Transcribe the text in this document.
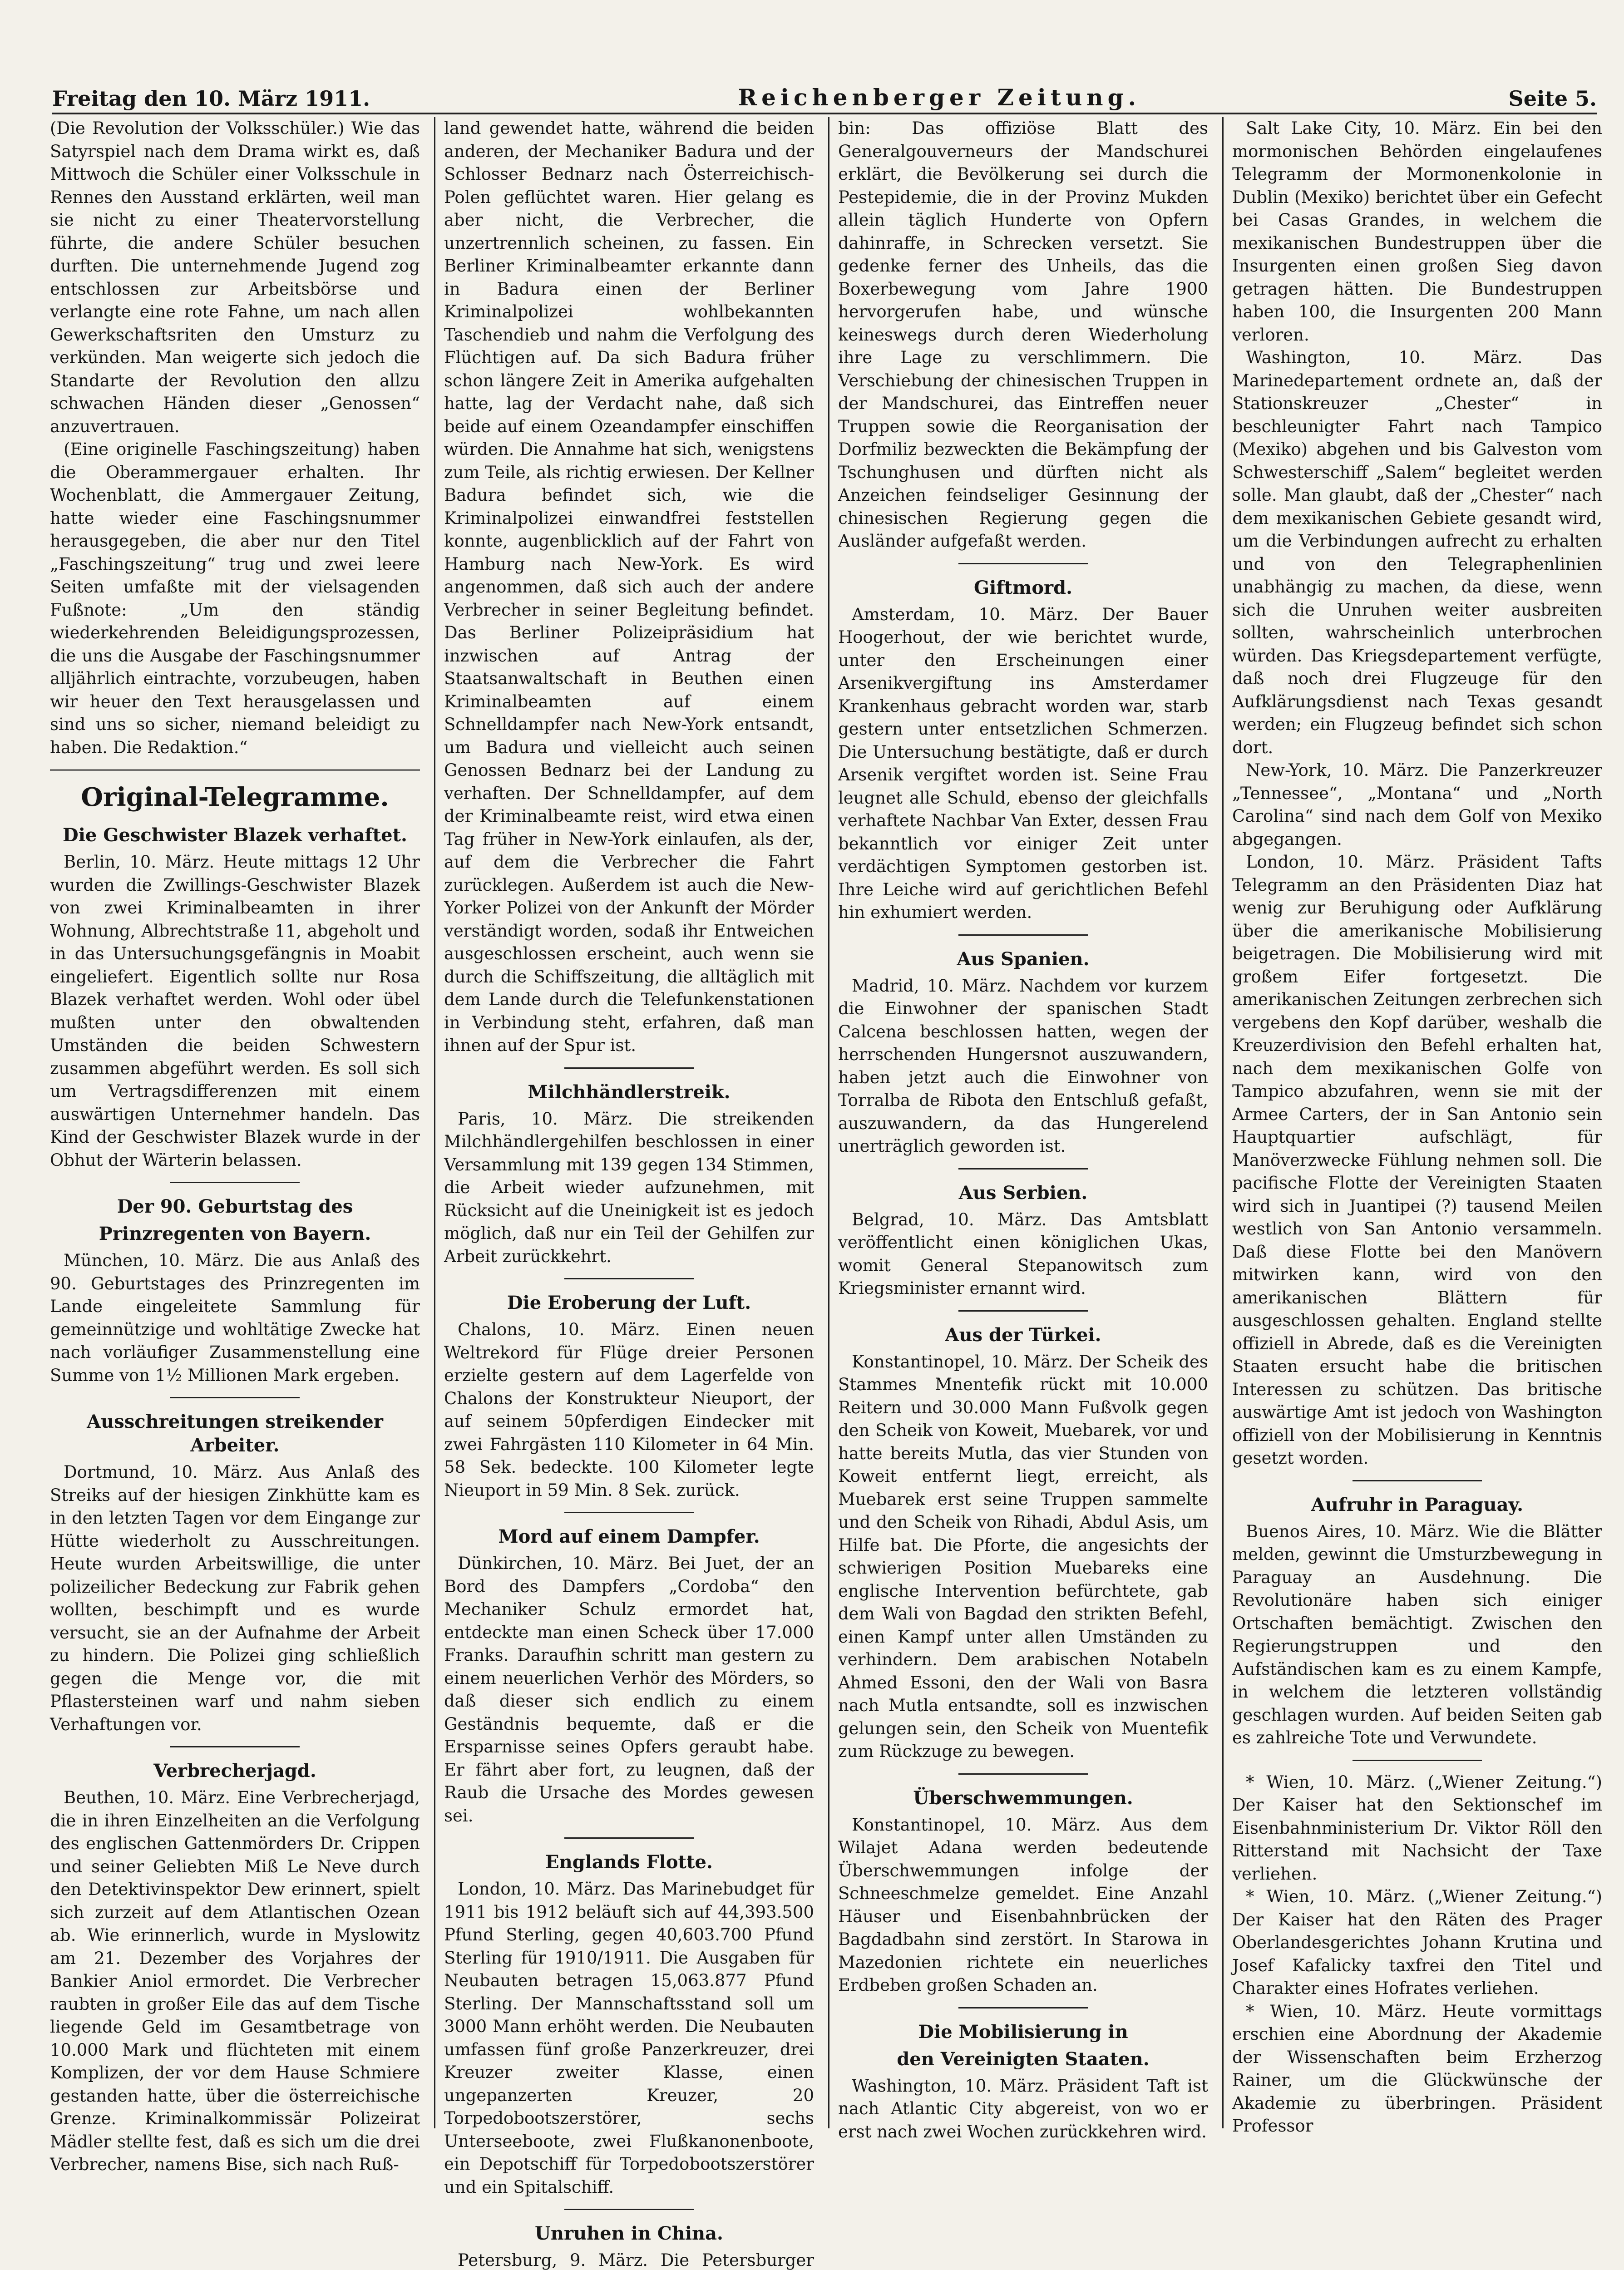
Freitag den 10. März 1911.	Reichenberger Zeitung.	Seite 5.

(Die Revolution der Volksschüler.) Wie das Satyrspiel nach dem Drama wirkt es, daß Mittwoch die Schüler einer Volksschule in Rennes den Ausstand erklärten, weil man sie nicht zu einer Theatervorstellung führte, die andere Schüler besuchen durften. Die unternehmende Jugend zog entschlossen zur Arbeitsbörse und verlangte eine rote Fahne, um nach allen Gewerkschaftsriten den Umsturz zu verkünden. Man weigerte sich jedoch die Standarte der Revolution den allzu schwachen Händen dieser „Genossen“ anzuvertrauen.

(Eine originelle Faschingszeitung) haben die Oberammergauer erhalten. Ihr Wochenblatt, die Ammergauer Zeitung, hatte wieder eine Faschingsnummer herausgegeben, die aber nur den Titel „Faschingszeitung“ trug und zwei leere Seiten umfaßte mit der vielsagenden Fußnote: „Um den ständig wiederkehrenden Beleidigungsprozessen, die uns die Ausgabe der Faschingsnummer alljährlich eintrachte, vorzubeugen, haben wir heuer den Text herausgelassen und sind uns so sicher, niemand beleidigt zu haben. Die Redaktion.“

Original-Telegramme.
Die Geschwister Blazek verhaftet.

Berlin, 10. März. Heute mittags 12 Uhr wurden die Zwillings-Geschwister Blazek von zwei Kriminalbeamten in ihrer Wohnung, Albrechtstraße 11, abgeholt und in das Untersuchungsgefängnis in Moabit eingeliefert. Eigentlich sollte nur Rosa Blazek verhaftet werden. Wohl oder übel mußten unter den obwaltenden Umständen die beiden Schwestern zusammen abgeführt werden. Es soll sich um Vertragsdifferenzen mit einem auswärtigen Unternehmer handeln. Das Kind der Geschwister Blazek wurde in der Obhut der Wärterin belassen.

Der 90. Geburtstag des
Prinzregenten von Bayern.

München, 10. März. Die aus Anlaß des 90. Geburtstages des Prinzregenten im Lande eingeleitete Sammlung für gemeinnützige und wohltätige Zwecke hat nach vorläufiger Zusammenstellung eine Summe von 1½ Millionen Mark ergeben.

Ausschreitungen streikender Arbeiter.

Dortmund, 10. März. Aus Anlaß des Streiks auf der hiesigen Zinkhütte kam es in den letzten Tagen vor dem Eingange zur Hütte wiederholt zu Ausschreitungen. Heute wurden Arbeitswillige, die unter polizeilicher Bedeckung zur Fabrik gehen wollten, beschimpft und es wurde versucht, sie an der Aufnahme der Arbeit zu hindern. Die Polizei ging schließlich gegen die Menge vor, die mit Pflastersteinen warf und nahm sieben Verhaftungen vor.

Verbrecherjagd.

Beuthen, 10. März. Eine Verbrecherjagd, die in ihren Einzelheiten an die Verfolgung des englischen Gattenmörders Dr. Crippen und seiner Geliebten Miß Le Neve durch den Detektivinspektor Dew erinnert, spielt sich zurzeit auf dem Atlantischen Ozean ab. Wie erinnerlich, wurde in Myslowitz am 21. Dezember des Vorjahres der Bankier Aniol ermordet. Die Verbrecher raubten in großer Eile das auf dem Tische liegende Geld im Gesamtbetrage von 10.000 Mark und flüchteten mit einem Komplizen, der vor dem Hause Schmiere gestanden hatte, über die österreichische Grenze. Kriminalkommissär Polizeirat Mädler stellte fest, daß es sich um die drei Verbrecher, namens Bise, sich nach Ruß-

land gewendet hatte, während die beiden anderen, der Mechaniker Badura und der Schlosser Bednarz nach Österreichisch-Polen geflüchtet waren. Hier gelang es aber nicht, die Verbrecher, die unzertrennlich scheinen, zu fassen. Ein Berliner Kriminalbeamter erkannte dann in Badura einen der Berliner Kriminalpolizei wohlbekannten Taschendieb und nahm die Verfolgung des Flüchtigen auf. Da sich Badura früher schon längere Zeit in Amerika aufgehalten hatte, lag der Verdacht nahe, daß sich beide auf einem Ozeandampfer einschiffen würden. Die Annahme hat sich, wenigstens zum Teile, als richtig erwiesen. Der Kellner Badura befindet sich, wie die Kriminalpolizei einwandfrei feststellen konnte, augenblicklich auf der Fahrt von Hamburg nach New-York. Es wird angenommen, daß sich auch der andere Verbrecher in seiner Begleitung befindet. Das Berliner Polizeipräsidium hat inzwischen auf Antrag der Staatsanwaltschaft in Beuthen einen Kriminalbeamten auf einem Schnelldampfer nach New-York entsandt, um Badura und vielleicht auch seinen Genossen Bednarz bei der Landung zu verhaften. Der Schnelldampfer, auf dem der Kriminalbeamte reist, wird etwa einen Tag früher in New-York einlaufen, als der, auf dem die Verbrecher die Fahrt zurücklegen. Außerdem ist auch die New-Yorker Polizei von der Ankunft der Mörder verständigt worden, sodaß ihr Entweichen ausgeschlossen erscheint, auch wenn sie durch die Schiffszeitung, die alltäglich mit dem Lande durch die Telefunkenstationen in Verbindung steht, erfahren, daß man ihnen auf der Spur ist.

Milchhändlerstreik.

Paris, 10. März. Die streikenden Milchhändlergehilfen beschlossen in einer Versammlung mit 139 gegen 134 Stimmen, die Arbeit wieder aufzunehmen, mit Rücksicht auf die Uneinigkeit ist es jedoch möglich, daß nur ein Teil der Gehilfen zur Arbeit zurückkehrt.

Die Eroberung der Luft.

Chalons, 10. März. Einen neuen Weltrekord für Flüge dreier Personen erzielte gestern auf dem Lagerfelde von Chalons der Konstrukteur Nieuport, der auf seinem 50pferdigen Eindecker mit zwei Fahrgästen 110 Kilometer in 64 Min. 58 Sek. bedeckte. 100 Kilometer legte Nieuport in 59 Min. 8 Sek. zurück.

Mord auf einem Dampfer.

Dünkirchen, 10. März. Bei Juet, der an Bord des Dampfers „Cordoba“ den Mechaniker Schulz ermordet hat, entdeckte man einen Scheck über 17.000 Franks. Daraufhin schritt man gestern zu einem neuerlichen Verhör des Mörders, so daß dieser sich endlich zu einem Geständnis bequemte, daß er die Ersparnisse seines Opfers geraubt habe. Er fährt aber fort, zu leugnen, daß der Raub die Ursache des Mordes gewesen sei.

Englands Flotte.

London, 10. März. Das Marinebudget für 1911 bis 1912 beläuft sich auf 44,393.500 Pfund Sterling, gegen 40,603.700 Pfund Sterling für 1910/1911. Die Ausgaben für Neubauten betragen 15,063.877 Pfund Sterling. Der Mannschaftsstand soll um 3000 Mann erhöht werden. Die Neubauten umfassen fünf große Panzerkreuzer, drei Kreuzer zweiter Klasse, einen ungepanzerten Kreuzer, 20 Torpedobootszerstörer, sechs Unterseeboote, zwei Flußkanonenboote, ein Depotschiff für Torpedobootszerstörer und ein Spitalschiff.

Unruhen in China.

Petersburg, 9. März. Die Petersburger

bin: Das offiziöse Blatt des Generalgouverneurs der Mandschurei erklärt, die Bevölkerung sei durch die Pestepidemie, die in der Provinz Mukden allein täglich Hunderte von Opfern dahinraffe, in Schrecken versetzt. Sie gedenke ferner des Unheils, das die Boxerbewegung vom Jahre 1900 hervorgerufen habe, und wünsche keineswegs durch deren Wiederholung ihre Lage zu verschlimmern. Die Verschiebung der chinesischen Truppen in der Mandschurei, das Eintreffen neuer Truppen sowie die Reorganisation der Dorfmiliz bezweckten die Bekämpfung der Tschunghusen und dürften nicht als Anzeichen feindseliger Gesinnung der chinesischen Regierung gegen die Ausländer aufgefaßt werden.

Giftmord.

Amsterdam, 10. März. Der Bauer Hoogerhout, der wie berichtet wurde, unter den Erscheinungen einer Arsenikvergiftung ins Amsterdamer Krankenhaus gebracht worden war, starb gestern unter entsetzlichen Schmerzen. Die Untersuchung bestätigte, daß er durch Arsenik vergiftet worden ist. Seine Frau leugnet alle Schuld, ebenso der gleichfalls verhaftete Nachbar Van Exter, dessen Frau bekanntlich vor einiger Zeit unter verdächtigen Symptomen gestorben ist. Ihre Leiche wird auf gerichtlichen Befehl hin exhumiert werden.

Aus Spanien.

Madrid, 10. März. Nachdem vor kurzem die Einwohner der spanischen Stadt Calcena beschlossen hatten, wegen der herrschenden Hungersnot auszuwandern, haben jetzt auch die Einwohner von Torralba de Ribota den Entschluß gefaßt, auszuwandern, da das Hungerelend unerträglich geworden ist.

Aus Serbien.

Belgrad, 10. März. Das Amtsblatt veröffentlicht einen königlichen Ukas, womit General Stepanowitsch zum Kriegsminister ernannt wird.

Aus der Türkei.

Konstantinopel, 10. März. Der Scheik des Stammes Mnentefik rückt mit 10.000 Reitern und 30.000 Mann Fußvolk gegen den Scheik von Koweit, Muebarek, vor und hatte bereits Mutla, das vier Stunden von Koweit entfernt liegt, erreicht, als Muebarek erst seine Truppen sammelte und den Scheik von Rihadi, Abdul Asis, um Hilfe bat. Die Pforte, die angesichts der schwierigen Position Muebareks eine englische Intervention befürchtete, gab dem Wali von Bagdad den strikten Befehl, einen Kampf unter allen Umständen zu verhindern. Dem arabischen Notabeln Ahmed Essoni, den der Wali von Basra nach Mutla entsandte, soll es inzwischen gelungen sein, den Scheik von Muentefik zum Rückzuge zu bewegen.

Überschwemmungen.

Konstantinopel, 10. März. Aus dem Wilajet Adana werden bedeutende Überschwemmungen infolge der Schneeschmelze gemeldet. Eine Anzahl Häuser und Eisenbahnbrücken der Bagdadbahn sind zerstört. In Starowa in Mazedonien richtete ein neuerliches Erdbeben großen Schaden an.

Die Mobilisierung in
den Vereinigten Staaten.

Washington, 10. März. Präsident Taft ist nach Atlantic City abgereist, von wo er erst nach zwei Wochen zurückkehren wird.

Salt Lake City, 10. März. Ein bei den mormonischen Behörden eingelaufenes Telegramm der Mormonenkolonie in Dublin (Mexiko) berichtet über ein Gefecht bei Casas Grandes, in welchem die mexikanischen Bundestruppen über die Insurgenten einen großen Sieg davon getragen hätten. Die Bundestruppen haben 100, die Insurgenten 200 Mann verloren.

Washington, 10. März. Das Marinedepartement ordnete an, daß der Stationskreuzer „Chester“ in beschleunigter Fahrt nach Tampico (Mexiko) abgehen und bis Galveston vom Schwesterschiff „Salem“ begleitet werden solle. Man glaubt, daß der „Chester“ nach dem mexikanischen Gebiete gesandt wird, um die Verbindungen aufrecht zu erhalten und von den Telegraphenlinien unabhängig zu machen, da diese, wenn sich die Unruhen weiter ausbreiten sollten, wahrscheinlich unterbrochen würden. Das Kriegsdepartement verfügte, daß noch drei Flugzeuge für den Aufklärungsdienst nach Texas gesandt werden; ein Flugzeug befindet sich schon dort.

New-York, 10. März. Die Panzerkreuzer „Tennessee“, „Montana“ und „North Carolina“ sind nach dem Golf von Mexiko abgegangen.

London, 10. März. Präsident Tafts Telegramm an den Präsidenten Diaz hat wenig zur Beruhigung oder Aufklärung über die amerikanische Mobilisierung beigetragen. Die Mobilisierung wird mit großem Eifer fortgesetzt. Die amerikanischen Zeitungen zerbrechen sich vergebens den Kopf darüber, weshalb die Kreuzerdivision den Befehl erhalten hat, nach dem mexikanischen Golfe von Tampico abzufahren, wenn sie mit der Armee Carters, der in San Antonio sein Hauptquartier aufschlägt, für Manöverzwecke Fühlung nehmen soll. Die pacifische Flotte der Vereinigten Staaten wird sich in Juantipei (?) tausend Meilen westlich von San Antonio versammeln. Daß diese Flotte bei den Manövern mitwirken kann, wird von den amerikanischen Blättern für ausgeschlossen gehalten. England stellte offiziell in Abrede, daß es die Vereinigten Staaten ersucht habe die britischen Interessen zu schützen. Das britische auswärtige Amt ist jedoch von Washington offiziell von der Mobilisierung in Kenntnis gesetzt worden.

Aufruhr in Paraguay.

Buenos Aires, 10. März. Wie die Blätter melden, gewinnt die Umsturzbewegung in Paraguay an Ausdehnung. Die Revolutionäre haben sich einiger Ortschaften bemächtigt. Zwischen den Regierungstruppen und den Aufständischen kam es zu einem Kampfe, in welchem die letzteren vollständig geschlagen wurden. Auf beiden Seiten gab es zahlreiche Tote und Verwundete.

* Wien, 10. März. („Wiener Zeitung.“) Der Kaiser hat den Sektionschef im Eisenbahnministerium Dr. Viktor Röll den Ritterstand mit Nachsicht der Taxe verliehen.

* Wien, 10. März. („Wiener Zeitung.“) Der Kaiser hat den Räten des Prager Oberlandesgerichtes Johann Krutina und Josef Kafalicky taxfrei den Titel und Charakter eines Hofrates verliehen.

* Wien, 10. März. Heute vormittags erschien eine Abordnung der Akademie der Wissenschaften beim Erzherzog Rainer, um die Glückwünsche der Akademie zu überbringen. Präsident Professor
